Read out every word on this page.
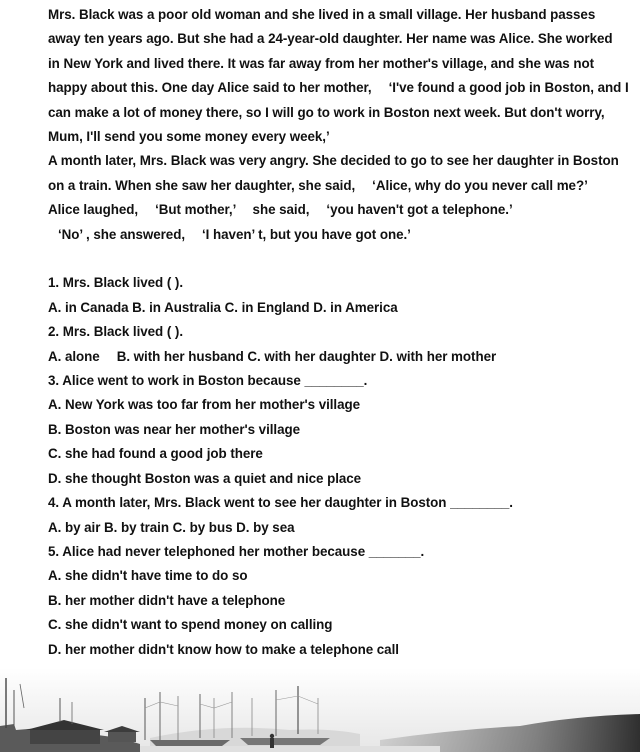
Mrs. Black was a poor old woman and she lived in a small village. Her husband passes
away ten years ago. But she had a 24-year-old daughter. Her name was Alice. She worked
in New York and lived there. It was far away from her mother's village, and she was not
happy about this. One day Alice said to her mother, 　‘I've found a good job in Boston, and I
can make a lot of money there, so I will go to work in Boston next week. But don't worry,
Mum, I'll send you some money every week,’
A month later, Mrs. Black was very angry. She decided to go to see her daughter in Boston
on a train. When she saw her daughter, she said, 　‘Alice, why do you never call me?’
Alice laughed, 　‘But mother,’ 　she said, 　‘you haven't got a telephone.’
‘No’ , she answered, 　‘I haven’ t, but you have got one.’
1. Mrs. Black lived ( ).
A. in Canada B. in Australia C. in England D. in America
2. Mrs. Black lived ( ).
A. alone 　B. with her husband C. with her daughter D. with her mother
3. Alice went to work in Boston because ________.
A. New York was too far from her mother's village
B. Boston was near her mother's village
C. she had found a good job there
D. she thought Boston was a quiet and nice place
4. A month later, Mrs. Black went to see her daughter in Boston ________.
A. by air B. by train C. by bus D. by sea
5. Alice had never telephoned her mother because _______.
A. she didn't have time to do so
B. her mother didn't have a telephone
C. she didn't want to spend money on calling
D. her mother didn't know how to make a telephone call
